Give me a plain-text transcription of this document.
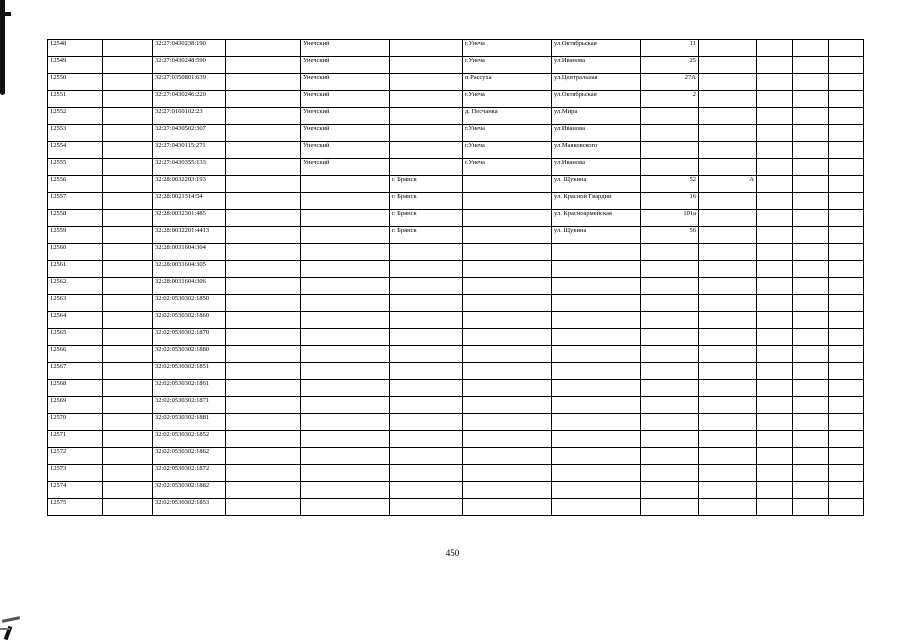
12548		32:27:0430238:190		Унечский		г.Унеча	ул.Октябрьская	11				
12549		32:27:0430248:590		Унечский		г.Унеча	ул.Иванова	25				
12550		32:27:0350801:639		Унечский		п Рассуха	ул.Центральная	27А				
12551		32:27:0430246:220		Унечский		г.Унеча	ул.Октябрьская	2				
12552		32:27:0160102:23		Унечский		д. Песчанка	ул.Мира					
12553		32:27:0430502:307		Унечский		г.Унеча	ул.Иванова					
12554		32:27:0430115:271		Унечский		г.Унеча	ул.Маяковского					
12555		32:27:0430355:133		Унечский		г.Унеча	ул.Иванова					
12556		32:28:0032203:193			г. Брянск		ул. Щукина	52	А			
12557		32:28:0021314:54			г. Брянск		ул. Красной Гвардии	16				
12558		32:28:0032301:485			г. Брянск		ул. Красноармейская	101а				
12559		32:28:0032201:4413			г. Брянск		ул. Щукина	56				
12560		32:28:0031604:304										
12561		32:28:0031604:305										
12562		32:28:0031604:306										
12563		32:02:0530302:1850										
12564		32:02:0530302:1860										
12565		32:02:0530302:1870										
12566		32:02:0530302:1880										
12567		32:02:0530302:1851										
12568		32:02:0530302:1861										
12569		32:02:0530302:1871										
12570		32:02:0530302:1881										
12571		32:02:0530302:1852										
12572		32:02:0530302:1862										
12573		32:02:0530302:1872										
12574		32:02:0530302:1882										
12575		32:02:0530302:1853										
450
